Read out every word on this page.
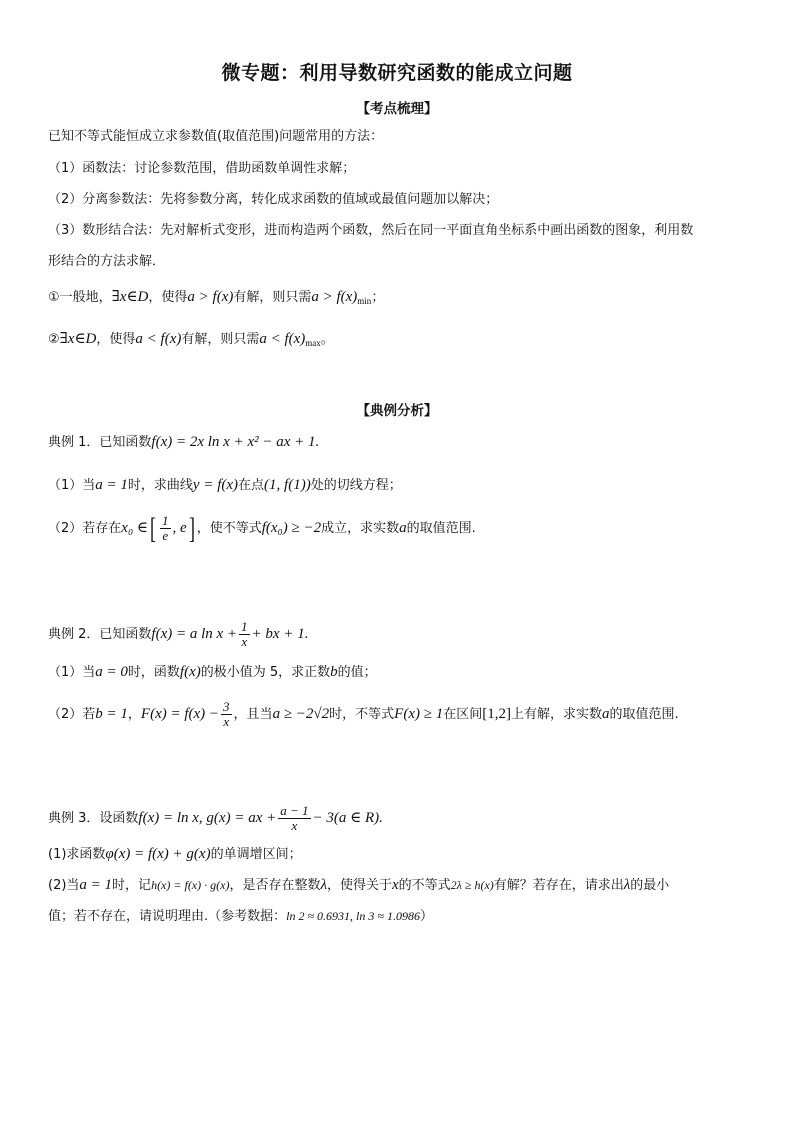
微专题：利用导数研究函数的能成立问题
【考点梳理】
已知不等式能恒成立求参数值(取值范围)问题常用的方法：
（1）函数法：讨论参数范围，借助函数单调性求解；
（2）分离参数法：先将参数分离，转化成求函数的值域或最值问题加以解决；
（3）数形结合法：先对解析式变形，进而构造两个函数，然后在同一平面直角坐标系中画出函数的图象，利用数
形结合的方法求解．
①一般地，∃x∈D，使得a > f(x)有解，则只需$a > f(x)_{min}$；
②∃x∈D，使得a < f(x)有解，则只需$a < f(x)_{max}$。
【典例分析】
典例 1．已知函数f(x) = 2x ln x + x² − ax + 1.
（1）当a = 1时，求曲线y = f(x)在点(1, f(1))处的切线方程；
（2）若存在x₀ ∈[ $\frac{1}{e}$ , e] ，使不等式f(x₀) ≥ −2成立，求实数a的取值范围.
典例 2．已知函数f(x) = a $\ln x + \frac{1}{x}$ + bx + 1.
（1）当a = 0时，函数f(x)的极小值为 5，求正数b的值；
（2）若b = 1，$F(x) = f(x) - \frac{3}{x}$ ，且当a ≥ −2√2时，不等式F(x) ≥ 1在区间[1,2]上有解，求实数a的取值范围.
典例 3．设函数f(x) = ln x, g(x) = ax + $\frac{a - 1}{x} - 3(a$ ∈ R).
(1)求函数φ(x) = f(x) + g(x)的单调增区间；
(2)当a = 1时，记h(x) = f(x) · g(x)，是否存在整数λ，使得关于x的不等式2λ ≥ h(x)有解？若存在，请求出λ的最小
值；若不存在，请说明理由.（参考数据：ln 2 ≈ 0.6931, ln 3 ≈ 1.0986）
